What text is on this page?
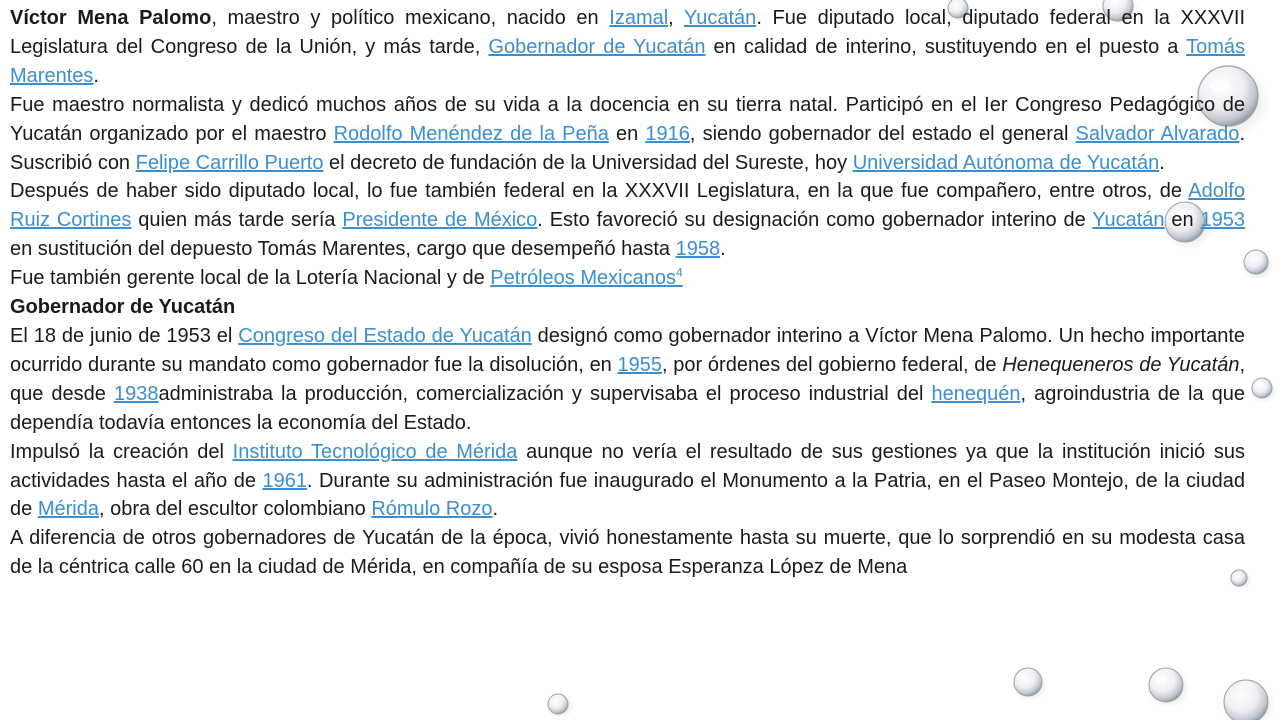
Víctor Mena Palomo, maestro y político mexicano, nacido en Izamal, Yucatán. Fue diputado local, diputado federal en la XXXVII Legislatura del Congreso de la Unión, y más tarde, Gobernador de Yucatán en calidad de interino, sustituyendo en el puesto a Tomás Marentes.

Fue maestro normalista y dedicó muchos años de su vida a la docencia en su tierra natal. Participó en el Ier Congreso Pedagógico de Yucatán organizado por el maestro Rodolfo Menéndez de la Peña en 1916, siendo gobernador del estado el general Salvador Alvarado. Suscribió con Felipe Carrillo Puerto el decreto de fundación de la Universidad del Sureste, hoy Universidad Autónoma de Yucatán.

Después de haber sido diputado local, lo fue también federal en la XXXVII Legislatura, en la que fue compañero, entre otros, de Adolfo Ruiz Cortines quien más tarde sería Presidente de México. Esto favoreció su designación como gobernador interino de Yucatán en 1953 en sustitución del depuesto Tomás Marentes, cargo que desempeñó hasta 1958.

Fue también gerente local de la Lotería Nacional y de Petróleos Mexicanos$^4$

Gobernador de Yucatán

El 18 de junio de 1953 el Congreso del Estado de Yucatán designó como gobernador interino a Víctor Mena Palomo. Un hecho importante ocurrido durante su mandato como gobernador fue la disolución, en 1955, por órdenes del gobierno federal, de Henequeneros de Yucatán, que desde 1938administraba la producción, comercialización y supervisaba el proceso industrial del henequén, agroindustria de la que dependía todavía entonces la economía del Estado.

Impulsó la creación del Instituto Tecnológico de Mérida aunque no vería el resultado de sus gestiones ya que la institución inició sus actividades hasta el año de 1961. Durante su administración fue inaugurado el Monumento a la Patria, en el Paseo Montejo, de la ciudad de Mérida, obra del escultor colombiano Rómulo Rozo.

A diferencia de otros gobernadores de Yucatán de la época, vivió honestamente hasta su muerte, que lo sorprendió en su modesta casa de la céntrica calle 60 en la ciudad de Mérida, en compañía de su esposa Esperanza López de Mena
